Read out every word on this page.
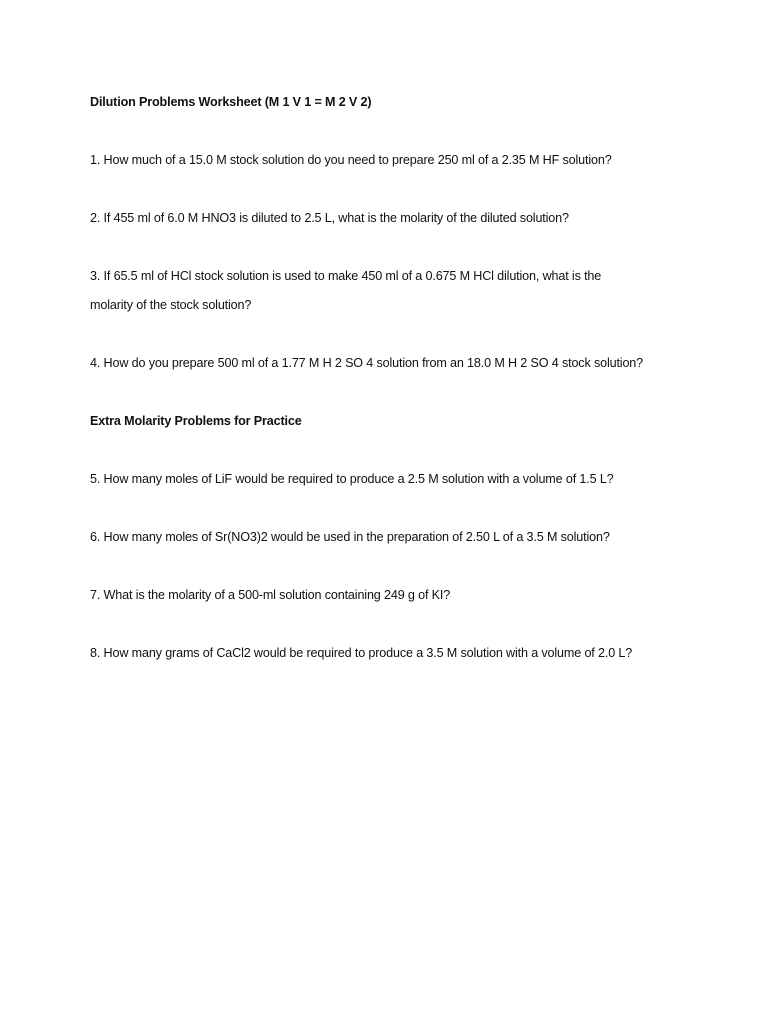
Dilution Problems Worksheet (M 1 V 1 = M 2 V 2)
1. How much of a 15.0 M stock solution do you need to prepare 250 ml of a 2.35 M HF solution?
2. If 455 ml of 6.0 M HNO3 is diluted to 2.5 L, what is the molarity of the diluted solution?
3. If 65.5 ml of HCl stock solution is used to make 450 ml of a 0.675 M HCl dilution, what is the
molarity of the stock solution?
4. How do you prepare 500 ml of a 1.77 M H 2 SO 4 solution from an 18.0 M H 2 SO 4 stock solution?
Extra Molarity Problems for Practice
5. How many moles of LiF would be required to produce a 2.5 M solution with a volume of 1.5 L?
6. How many moles of Sr(NO3)2 would be used in the preparation of 2.50 L of a 3.5 M solution?
7. What is the molarity of a 500-ml solution containing 249 g of KI?
8. How many grams of CaCl2 would be required to produce a 3.5 M solution with a volume of 2.0 L?
